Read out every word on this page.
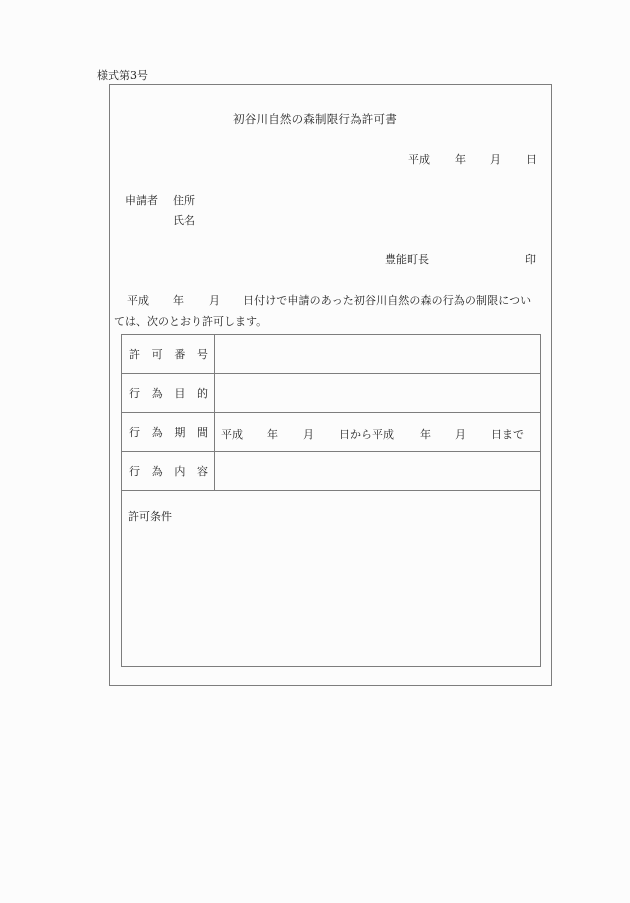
様式第3号
初谷川自然の森制限行為許可書
平成 年 月 日
申請者 住所
氏名
豊能町長	印
平成 年 月 日付けで申請のあった初谷川自然の森の行為の制限につい
ては、次のとおり許可します。
許 可 番 号
行 為 目 的
行 為 期 間 平成 年 月 日から平成 年 月 日まで
行 為 内 容
許可条件
